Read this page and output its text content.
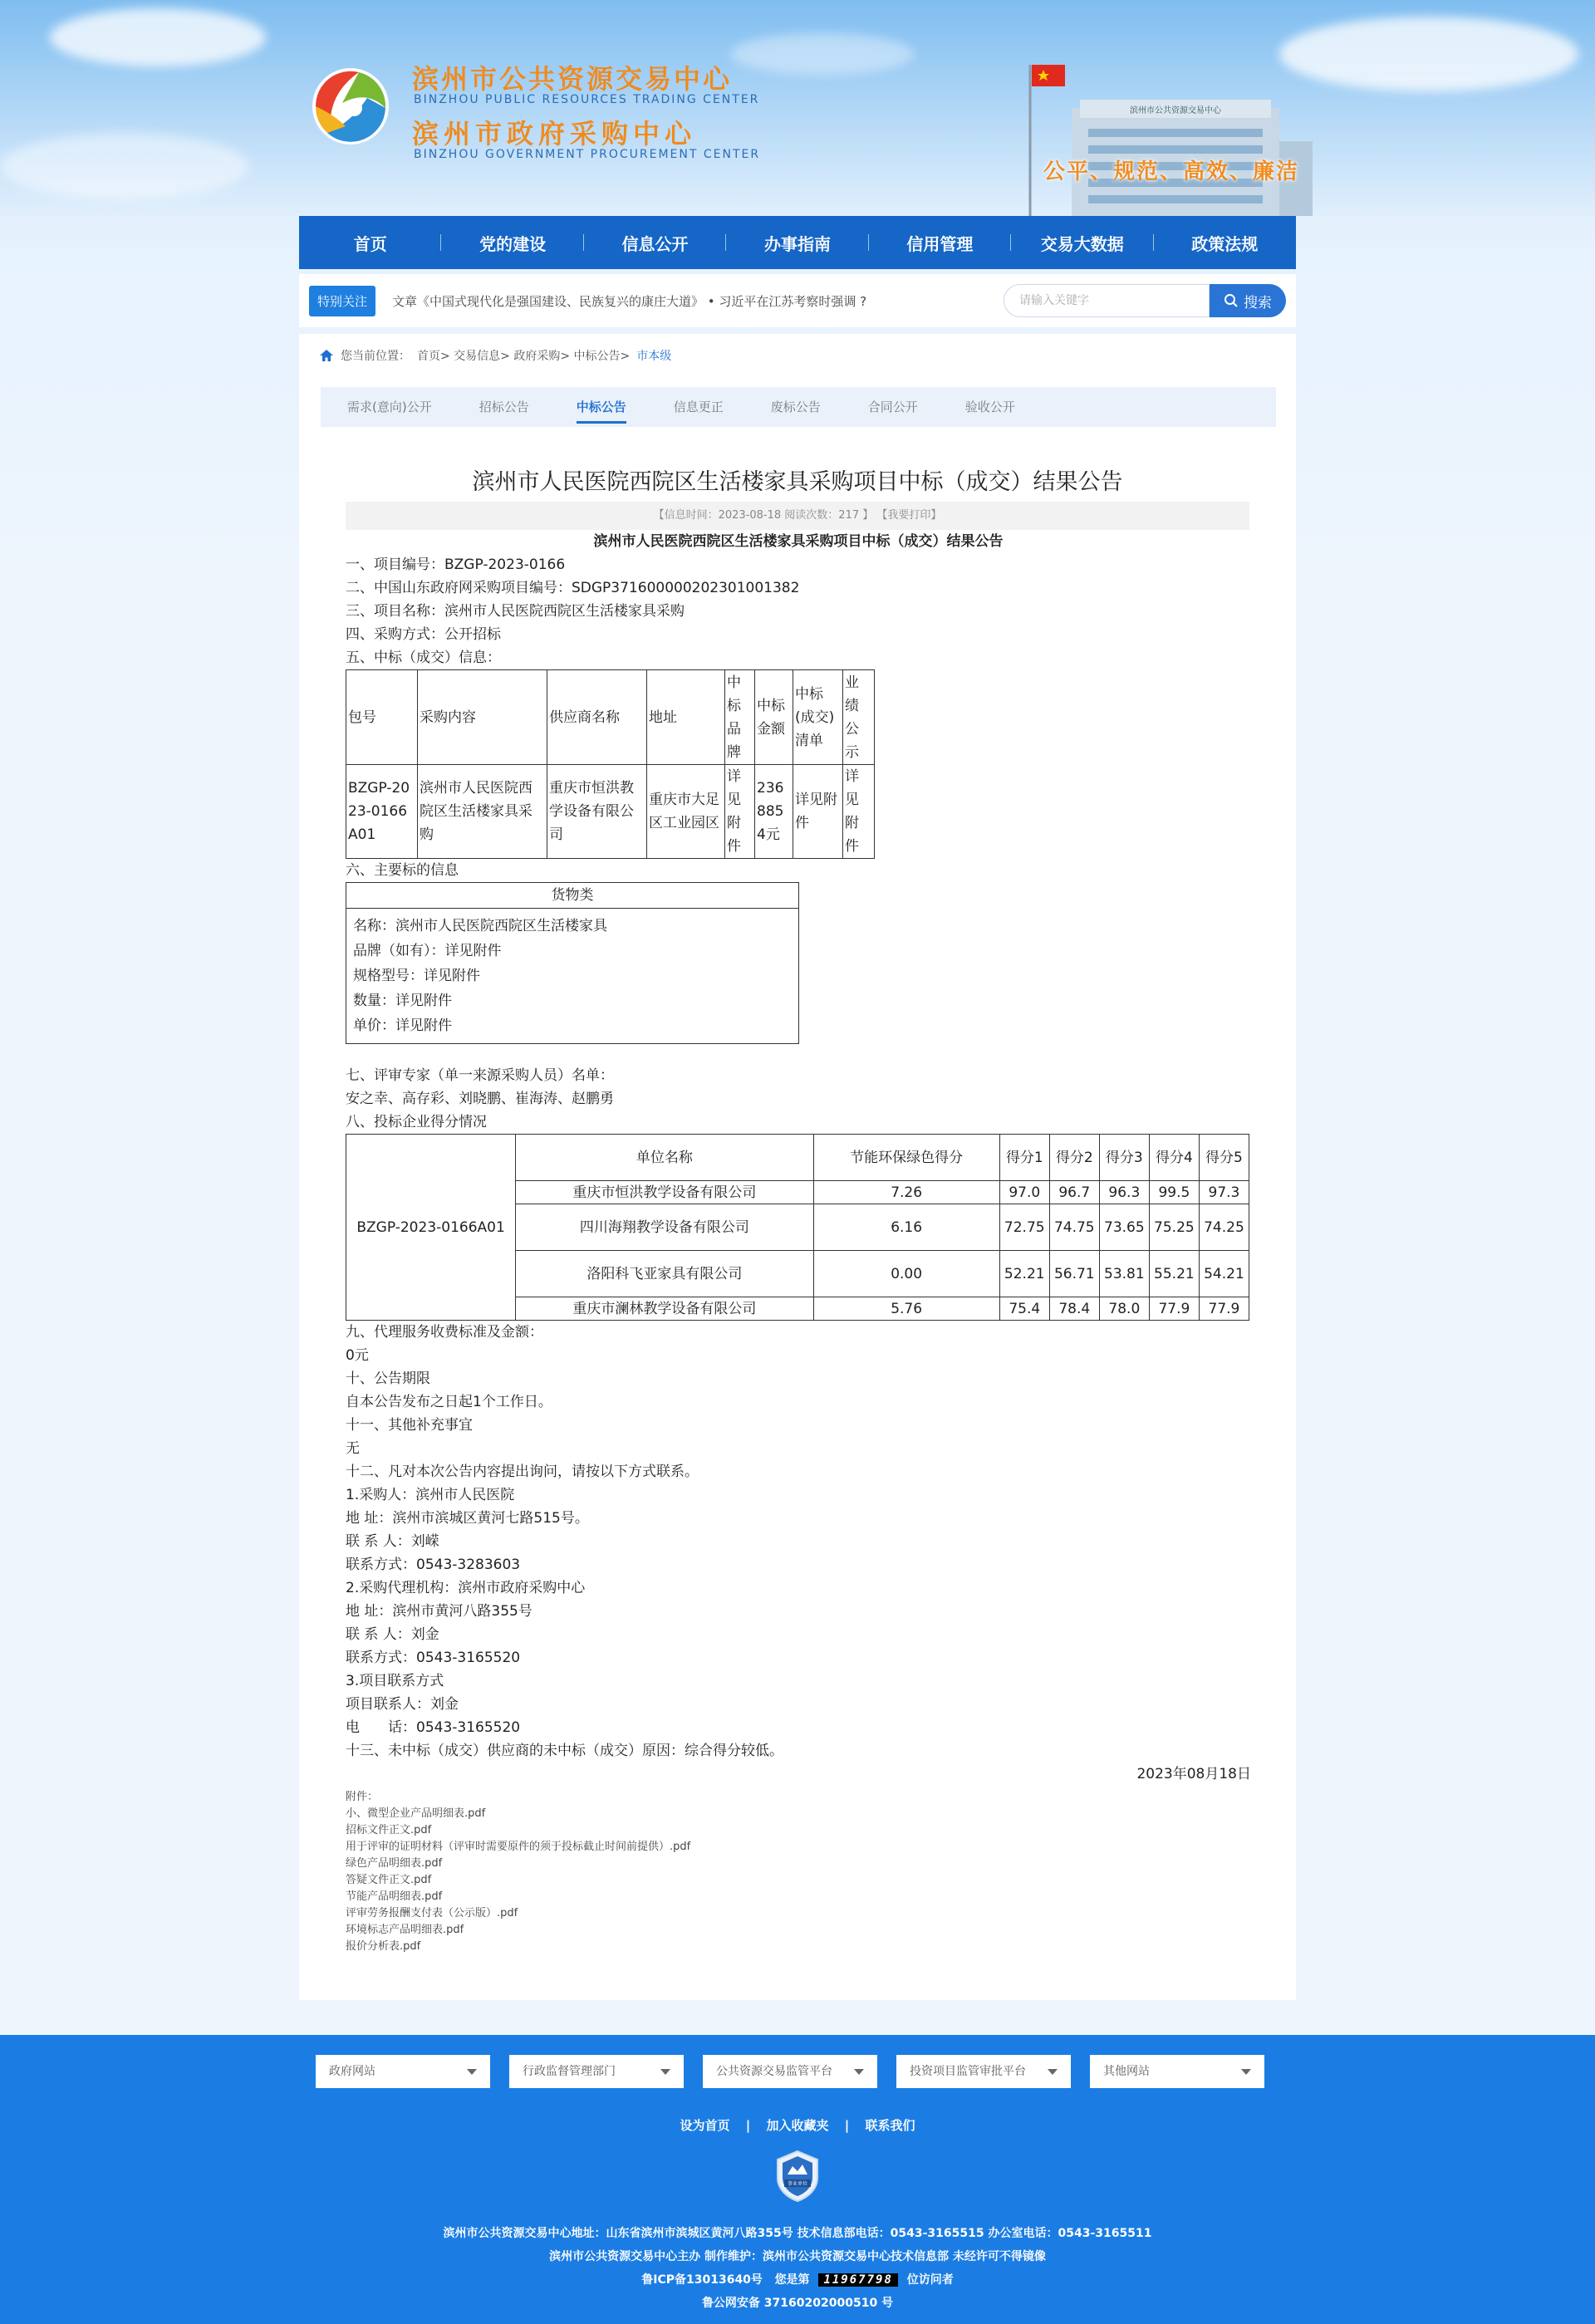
滨州市公共资源交易中心
BINZHOU PUBLIC RESOURCES TRADING CENTER
滨州市政府采购中心
BINZHOU GOVERNMENT PROCUREMENT CENTER
滨州市公共资源交易中心
公平、规范、高效、廉洁
首页	党的建设	信息公开	办事指南	信用管理	交易大数据	政策法规
特别关注	文章《中国式现代化是强国建设、民族复兴的康庄大道》 • 习近平在江苏考察时强调 ?	请输入关键字	搜索
您当前位置： 首页> 交易信息> 政府采购> 中标公告> 市本级
需求(意向)公开	招标公告	中标公告	信息更正	废标公告	合同公开	验收公开
滨州市人民医院西院区生活楼家具采购项目中标（成交）结果公告
【信息时间：2023-08-18 阅读次数：217 】 【我要打印】

滨州市人民医院西院区生活楼家具采购项目中标（成交）结果公告

一、项目编号：BZGP-2023-0166

二、中国山东政府网采购项目编号：SDGP371600000202301001382

三、项目名称：滨州市人民医院西院区生活楼家具采购

四、采购方式：公开招标

五、中标（成交）信息：

包号	采购内容	供应商名称	地址	中标品牌	中标金额	中标(成交)清单	业绩公示
BZGP-2023-0166A01	滨州市人民医院西院区生活楼家具采购	重庆市恒洪教学设备有限公司	重庆市大足区工业园区	详见附件	2368854元	详见附件	详见附件

六、主要标的信息

货物类

名称：滨州市人民医院西院区生活楼家具

品牌（如有）：详见附件

规格型号：详见附件

数量：详见附件

单价：详见附件

七、评审专家（单一来源采购人员）名单：

安之幸、高存彩、刘晓鹏、崔海涛、赵鹏勇

八、投标企业得分情况

BZGP-2023-0166A01	单位名称	节能环保绿色得分	得分1	得分2	得分3	得分4	得分5
	重庆市恒洪教学设备有限公司	7.26	97.0	96.7	96.3	99.5	97.3
	四川海翔教学设备有限公司	6.16	72.75	74.75	73.65	75.25	74.25
	洛阳科飞亚家具有限公司	0.00	52.21	56.71	53.81	55.21	54.21
	重庆市澜林教学设备有限公司	5.76	75.4	78.4	78.0	77.9	77.9

九、代理服务收费标准及金额：

0元

十、公告期限

自本公告发布之日起1个工作日。

十一、其他补充事宜

无

十二、凡对本次公告内容提出询问，请按以下方式联系。

1.采购人：滨州市人民医院

地 址：滨州市滨城区黄河七路515号。

联 系 人：刘嵘

联系方式：0543-3283603

2.采购代理机构：滨州市政府采购中心

地 址：滨州市黄河八路355号

联 系 人：刘金

联系方式：0543-3165520

3.项目联系方式

项目联系人：刘金

电　　话：0543-3165520

十三、未中标（成交）供应商的未中标（成交）原因：综合得分较低。

2023年08月18日

附件：
小、微型企业产品明细表.pdf
招标文件正文.pdf
用于评审的证明材料（评审时需要原件的须于投标截止时间前提供）.pdf
绿色产品明细表.pdf
答疑文件正文.pdf
节能产品明细表.pdf
评审劳务报酬支付表（公示版）.pdf
环境标志产品明细表.pdf
报价分析表.pdf
政府网站	行政监督管理部门	公共资源交易监管平台	投资项目监管审批平台	其他网站
设为首页 | 加入收藏夹 | 联系我们
事业单位
滨州市公共资源交易中心地址：山东省滨州市滨城区黄河八路355号 技术信息部电话：0543-3165515 办公室电话：0543-3165511
滨州市公共资源交易中心主办 制作维护：滨州市公共资源交易中心技术信息部 未经许可不得镜像
鲁ICP备13013640号 您是第 11967798 位访问者
鲁公网安备 37160202000510 号
